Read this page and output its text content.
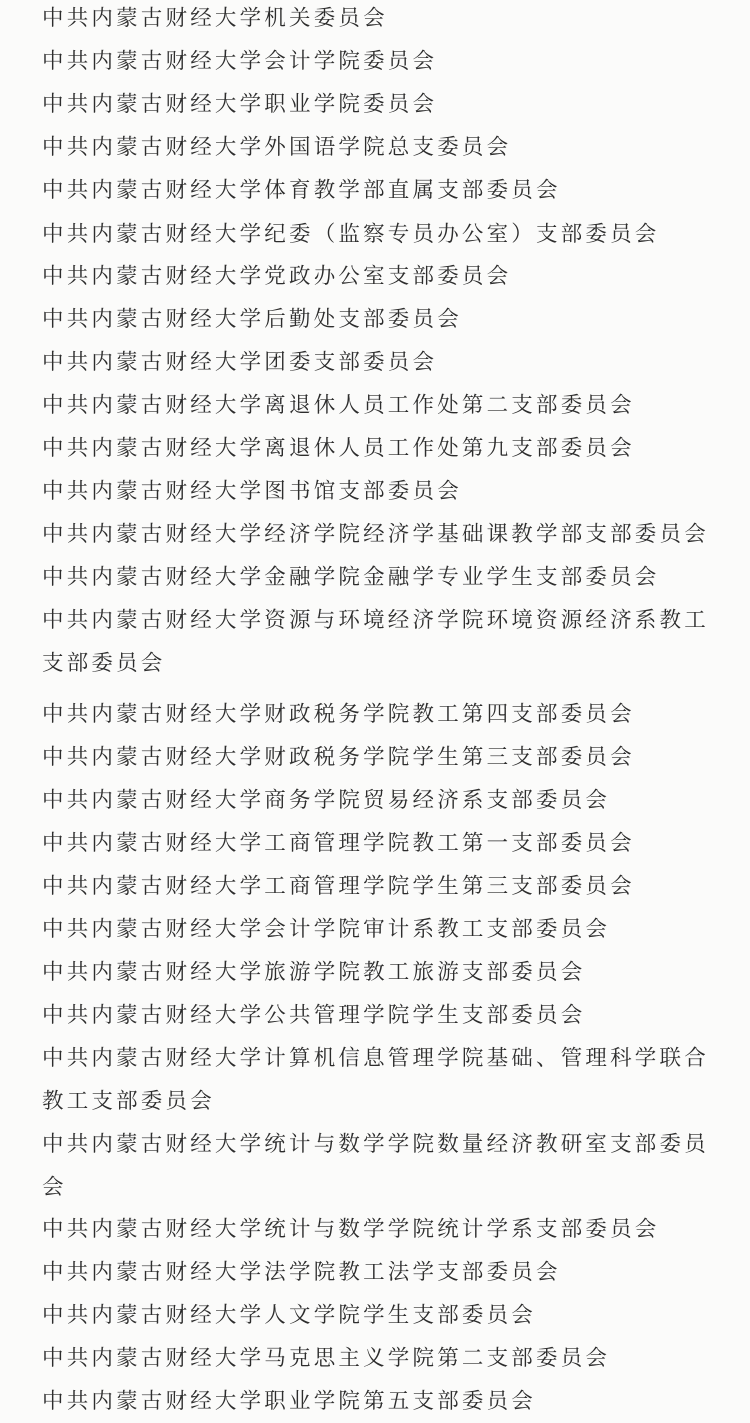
中共内蒙古财经大学机关委员会
中共内蒙古财经大学会计学院委员会
中共内蒙古财经大学职业学院委员会
中共内蒙古财经大学外国语学院总支委员会
中共内蒙古财经大学体育教学部直属支部委员会
中共内蒙古财经大学纪委（监察专员办公室）支部委员会
中共内蒙古财经大学党政办公室支部委员会
中共内蒙古财经大学后勤处支部委员会
中共内蒙古财经大学团委支部委员会
中共内蒙古财经大学离退休人员工作处第二支部委员会
中共内蒙古财经大学离退休人员工作处第九支部委员会
中共内蒙古财经大学图书馆支部委员会
中共内蒙古财经大学经济学院经济学基础课教学部支部委员会
中共内蒙古财经大学金融学院金融学专业学生支部委员会
中共内蒙古财经大学资源与环境经济学院环境资源经济系教工支部委员会
中共内蒙古财经大学财政税务学院教工第四支部委员会
中共内蒙古财经大学财政税务学院学生第三支部委员会
中共内蒙古财经大学商务学院贸易经济系支部委员会
中共内蒙古财经大学工商管理学院教工第一支部委员会
中共内蒙古财经大学工商管理学院学生第三支部委员会
中共内蒙古财经大学会计学院审计系教工支部委员会
中共内蒙古财经大学旅游学院教工旅游支部委员会
中共内蒙古财经大学公共管理学院学生支部委员会
中共内蒙古财经大学计算机信息管理学院基础、管理科学联合教工支部委员会
中共内蒙古财经大学统计与数学学院数量经济教研室支部委员会
中共内蒙古财经大学统计与数学学院统计学系支部委员会
中共内蒙古财经大学法学院教工法学支部委员会
中共内蒙古财经大学人文学院学生支部委员会
中共内蒙古财经大学马克思主义学院第二支部委员会
中共内蒙古财经大学职业学院第五支部委员会
